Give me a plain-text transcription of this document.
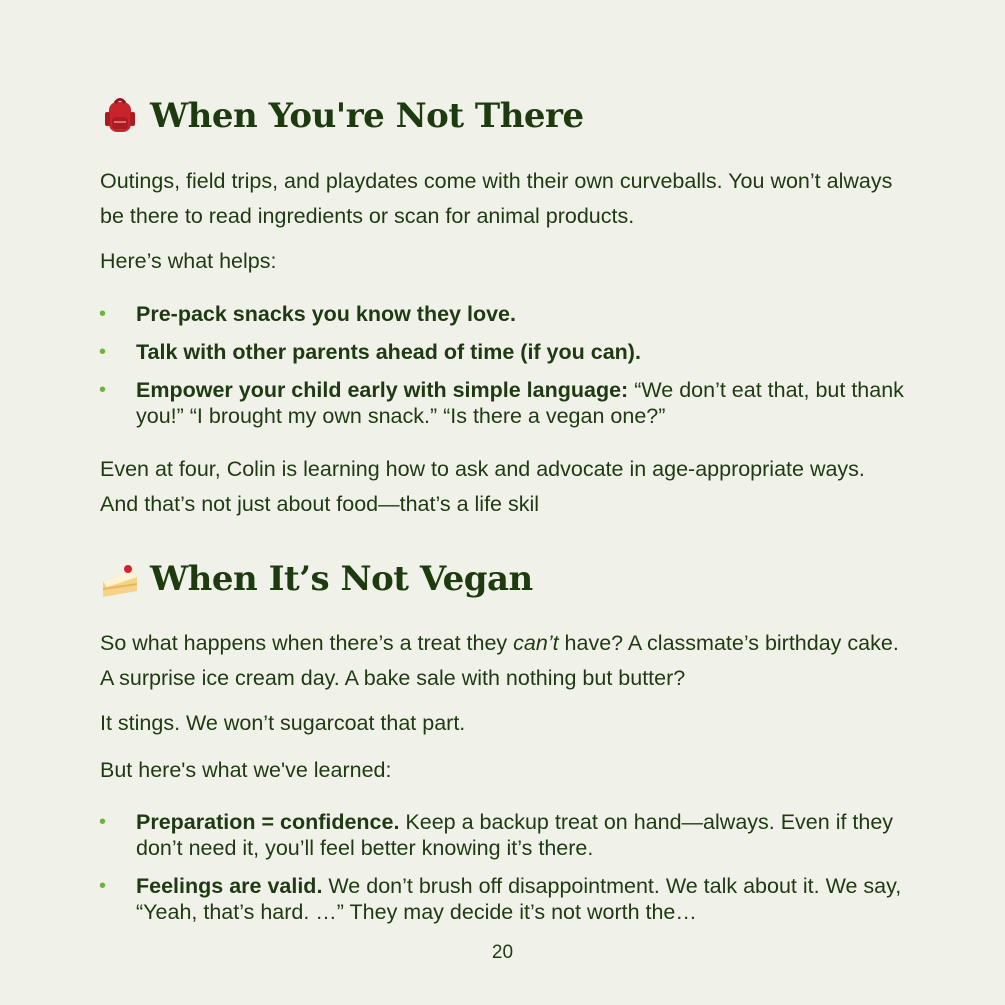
When You're Not There

Outings, field trips, and playdates come with their own curveballs. You won’t always be there to read ingredients or scan for animal products.

Here’s what helps:

• Pre-pack snacks you know they love.
• Talk with other parents ahead of time (if you can).
• Empower your child early with simple language: “We don’t eat that, but thank you!” “I brought my own snack.” “Is there a vegan one?”

Even at four, Colin is learning how to ask and advocate in age-appropriate ways. And that’s not just about food—that’s a life skil

When It’s Not Vegan

So what happens when there’s a treat they can’t have? A classmate’s birthday cake. A surprise ice cream day. A bake sale with nothing but butter?

It stings. We won’t sugarcoat that part.

But here's what we've learned:

• Preparation = confidence. Keep a backup treat on hand—always. Even if they don’t need it, you’ll feel better knowing it’s there.
• Feelings are valid. We don’t brush off disappointment. We talk about it. We say, “Yeah, that’s hard. …” They may decide it’s not worth the…
20
